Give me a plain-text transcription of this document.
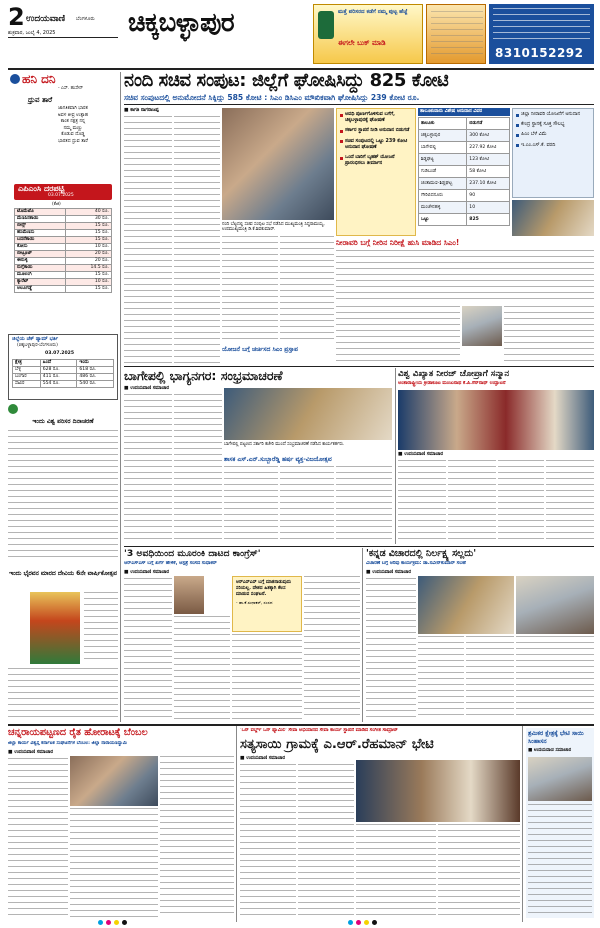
2 ಉದಯವಾಣಿ ಬೆಂಗಳೂರು
ಶುಕ್ರವಾರ, ಜುಲೈ 4, 2025	ಚಿಕ್ಕಬಳ್ಳಾಪುರ	ಮತ್ತೆ ಪರಿಸರದ ಕಡೆಗೆ ನಮ್ಮ ಪುಟ್ಟ ಹೆಜ್ಜೆ
ಈಗಲೇ ಬುಕ್ ಮಾಡಿ
8310152292
ಹನಿ ದನಿ
- ಎಸ್. ಹುಸೇನ್
ಧ್ರುವ ತಾರೆ
ಜಾಗತಿಕವಾಗಿ ಭಾರತ
ಅವಳ ತೀವ್ರ ಉತ್ಸಾಹ
ಕಾಂತ ನಕ್ಷತ್ರ ನನ್ನ
ನಮ್ಮ ಮಣ್ಣು
ಕೊಡುವ ದೊಡ್ಡ
ಭಾರತದ ಧ್ರುವ ತಾರೆ
ಎಪಿಎಂಸಿ ದರಪಟ್ಟಿ
03.07.2025
(ಕೆಜಿ)
ಟೊಮೆಟೊ	40 ರೂ.
ಮೆಣಸಿನಕಾಯಿ	30 ರೂ.
ಬೀನ್ಸ್	15 ರೂ.
ಹಸಿಮೆಣಸು	15 ರೂ.
ಬದನೆಕಾಯಿ	15 ರೂ.
ಕೋಸು	10 ರೂ.
ಬೀಟ್ರೂಟ್	20 ರೂ.
ಈರುಳ್ಳಿ	20 ರೂ.
ನುಗ್ಗೆಕಾಯಿ	14.5 ರೂ.
ಮೂಲಂಗಿ	15 ರೂ.
ಕ್ಯಾರೆಟ್	10 ರೂ.
ಆಲೂಗಡ್ಡೆ	15 ರೂ.
ಜಿಲ್ಲೆಯ ಚೆಕ್ ಡ್ಯಾಮ್ ಭರ್ತಿ
(ಚಿಕ್ಕಬಳ್ಳಾಪುರ-ಬೆಂಗಳೂರು)
03.07.2025
ಕ್ಷೇತ್ರ	ಹಿಂದೆ	ಇಂದು
ಬೆಳ್ಳಿ	628 ರೂ.	618 ರೂ.
ಬಂಗಾರ	411 ರೂ.	486 ರೂ.
ಸಾವಿರ	554 ರೂ.	540 ರೂ.
ಇಂದು ವಿಶ್ವ ಪರಿಸರ ದಿನಾಚರಣೆ
ಇಂದು ಭೈರವನ ಮಾರದ ದೇವಿಯ 6ನೇ ವಾರ್ಷಿಕೋತ್ಸವ
ನಂದಿ ಸಚಿವ ಸಂಪುಟ: ಜಿಲ್ಲೆಗೆ ಘೋಷಿಸಿದ್ದು 825 ಕೋಟಿ
ಸಚಿವ ಸಂಪುಟದಲ್ಲಿ ಅನುಮೋದನೆ ಸಿಕ್ಕಿದ್ದು 585 ಕೋಟಿ : ಸಿಎಂ ಡಿಸಿಎಂ ಮೌಖಿಕವಾಗಿ ಘೋಷಿಸಿದ್ದು 239 ಕೋಟಿ ರೂ.
■ ಕಾಗತಿ ನಾಗರಾಜಪ್ಪ
ನಂದಿ ಬೆಟ್ಟದಲ್ಲಿ ಸಚಿವ ಸಂಪುಟ ಸಭೆ ನಡೆಸಿದ ಮುಖ್ಯಮಂತ್ರಿ ಸಿದ್ದರಾಮಯ್ಯ, ಉಪಮುಖ್ಯಮಂತ್ರಿ ಡಿ.ಕೆ.ಶಿವಕುಮಾರ್.
ಅವಧಿ ಪೂರ್ಣಗೊಳಿಸುವ ಬಗೆಗೆ, ಚಿಕ್ಕಬಳ್ಳಾಪುರಕ್ಕೆ ಘೋಷಣೆ
ಸರ್ಕಾರ ಸ್ಥಾಪನೆ ನೀಡಿ ಅನುದಾನ ಬಿಡುಗಡೆ
ಸಚಿವ ಸಂಪುಟದಲ್ಲಿ ಒಟ್ಟು 239 ಕೋಟಿ ಅನುದಾನ ಘೋಷಣೆ
ಒಂದೆ ಬಾರಿಗೆ ಬೃಹತ್ ಯೋಜನೆ ಪ್ರಾರಂಭಿಸಲು ತೀರ್ಮಾನ
ತಾಲೂಕುವಾರು ವಿಶೇಷ ಅನುದಾನ ವಿವರ
ತಾಲೂಕು	ಬಿಡುಗಡೆ
ಚಿಕ್ಕಬಳ್ಳಾಪುರ	300 ಕೋಟಿ
ಬಾಗೇಪಲ್ಲಿ	227.92 ಕೋಟಿ
ಶಿಡ್ಲಘಟ್ಟ	123 ಕೋಟಿ
ಗುಡಿಬಂಡೆ	58 ಕೋಟಿ
ಚಿಂತಾಮಣಿ-ಶಿಡ್ಲಘಟ್ಟ	237.10 ಕೋಟಿ
ಗೌರಿಬಿದನೂರು	90
ಮಂಚೇನಹಳ್ಳಿ	10
ಒಟ್ಟು	825
ಜಿಲ್ಲಾ ನೀರಾವರಿ ಯೋಜನೆಗೆ ಅನುದಾನ
ಕೇಂದ್ರ ಸ್ಥಾನಕ್ಕೆ ಸೂಕ್ತ ಸೌಲಭ್ಯ
ಪಿಎಂ ಬೆಳೆ ವಿಮೆ
ಇ.ಎಂ.ಎಸ್.ಕೆ. ವರದಿ
ನೀರಾವರಿ ಬಗ್ಗೆ ನೀರಿನ ನಿರೀಕ್ಷೆ ಹುಸಿ ಮಾಡಿದ ಸಿಎಂ!
ಯೋಜನೆ ಬಗ್ಗೆ ಚರ್ಚಿಸದ ಸಿಎಂ ಪ್ರಸ್ತಾಪ
ಬಾಗೇಪಲ್ಲಿ ಭಾಗ್ಯನಗರ: ಸಂಭ್ರಮಾಚರಣೆ
■ ಉದಯವಾಣಿ ಸಮಾಚಾರ
ಬಾಗೇಪಲ್ಲಿ ಪಟ್ಟಣದ ಸರ್ಕಾರಿ ಕಚೇರಿ ಮುಂದೆ ಸಂಭ್ರಮಾಚರಣೆ ನಡೆಸಿದ ಕಾರ್ಯಕರ್ತರು.
ಶಾಸಕ ಎಸ್.ಎನ್.ಸುಬ್ಬಾರೆಡ್ಡಿ ಹರ್ಷ ವ್ಯಕ್ತ-ವಿಜಯೋತ್ಸವ
ವಿಶ್ವ ವಿಖ್ಯಾತ ನೀರಜ್ ಚೋಪ್ರಾಗೆ ಸನ್ಮಾನ
ಅಂತಾರಾಷ್ಟ್ರೀಯ ಕ್ರೀಡಾಕೂಟ ಮಂಜುನಾಥ ಕೆ.ಪಿ.ಸೆನ್‌ನಾಥ್ ಉದ್ಘಾಟನೆ
■ ಉದಯವಾಣಿ ಸಮಾಚಾರ
'3 ಅವಧಿಯಿಂದ ಮೂರಂಕಿ ದಾಟದ ಕಾಂಗ್ರೆಸ್'
ಆರ್‌ಎಸ್‌ಎಸ್ ಬಗ್ಗೆ ಖರ್ಗೆ ಹೇಳಿಕೆ, ಆಸ್ಪತ್ರೆ ಸಂಸದ ಸುಧಾಕರ್
■ ಉದಯವಾಣಿ ಸಮಾಚಾರ
ಆರ್‌ಎಸ್‌ಎಸ್ ಬಗ್ಗೆ ಮಾತನಾಡುವುದು ಸರಿಯಲ್ಲ. ದೇಶದ ಹಿತಕ್ಕಾಗಿ ಕೆಲಸ ಮಾಡುವ ಸಂಘಟನೆ.
- ಡಾ.ಕೆ.ಸುಧಾಕರ್, ಸಂಸದ
'ಕನ್ನಡ ವಿಚಾರದಲ್ಲಿ ನಿರ್ಲಕ್ಷ್ಯ ಸಲ್ಲದು'
ವಿಚಾರಣೆ ಬಗ್ಗೆ ಅರಿವು ಕಾರ್ಯಕ್ರಮ: ಡಾ.ನವೀನ್‌ಕುಮಾರ್ ಸಲಹೆ
■ ಉದಯವಾಣಿ ಸಮಾಚಾರ
ಚನ್ನರಾಯಪಟ್ಟಣದ ರೈತ ಹೋರಾಟಕ್ಕೆ ಬೆಂಬಲ
ಜಿಲ್ಲಾ ಕಾರ್ಯ ವಿಶ್ವಸ್ತ ಕರ್ನಾಟಕ ಸಂಘಟನೆಗಳ ಬೆಂಬಲ: ಜಿಲ್ಲಾ ನಾರಾಯಣಸ್ವಾಮಿ
■ ಉದಯವಾಣಿ ಸಮಾಚಾರ
'ಒನ್ ವರ್ಲ್ಡ್ ಒನ್ ಫ್ಯಾಮಿಲಿ' ಸೇವಾ ಅಭಿಯಾನದ ಸೇವಾ ಕಾರ್ಯ ಸ್ಥಾಪನೆ ಮಾಡಿದ ಸಂಗೀತ ಸಾಮ್ರಾಟ್
ಸತ್ಯಸಾಯಿ ಗ್ರಾಮಕ್ಕೆ ಎ.ಆರ್.ರೆಹಮಾನ್ ಭೇಟಿ
■ ಉದಯವಾಣಿ ಸಮಾಚಾರ
ಶ್ರಮಿಕರ ಕ್ಷೇತ್ರಕ್ಕೆ ಭೇಟಿ ಸಾಯಿ ಸಿಂಹಾಸನ
■ ಉದಯವಾಣಿ ಸಮಾಚಾರ
